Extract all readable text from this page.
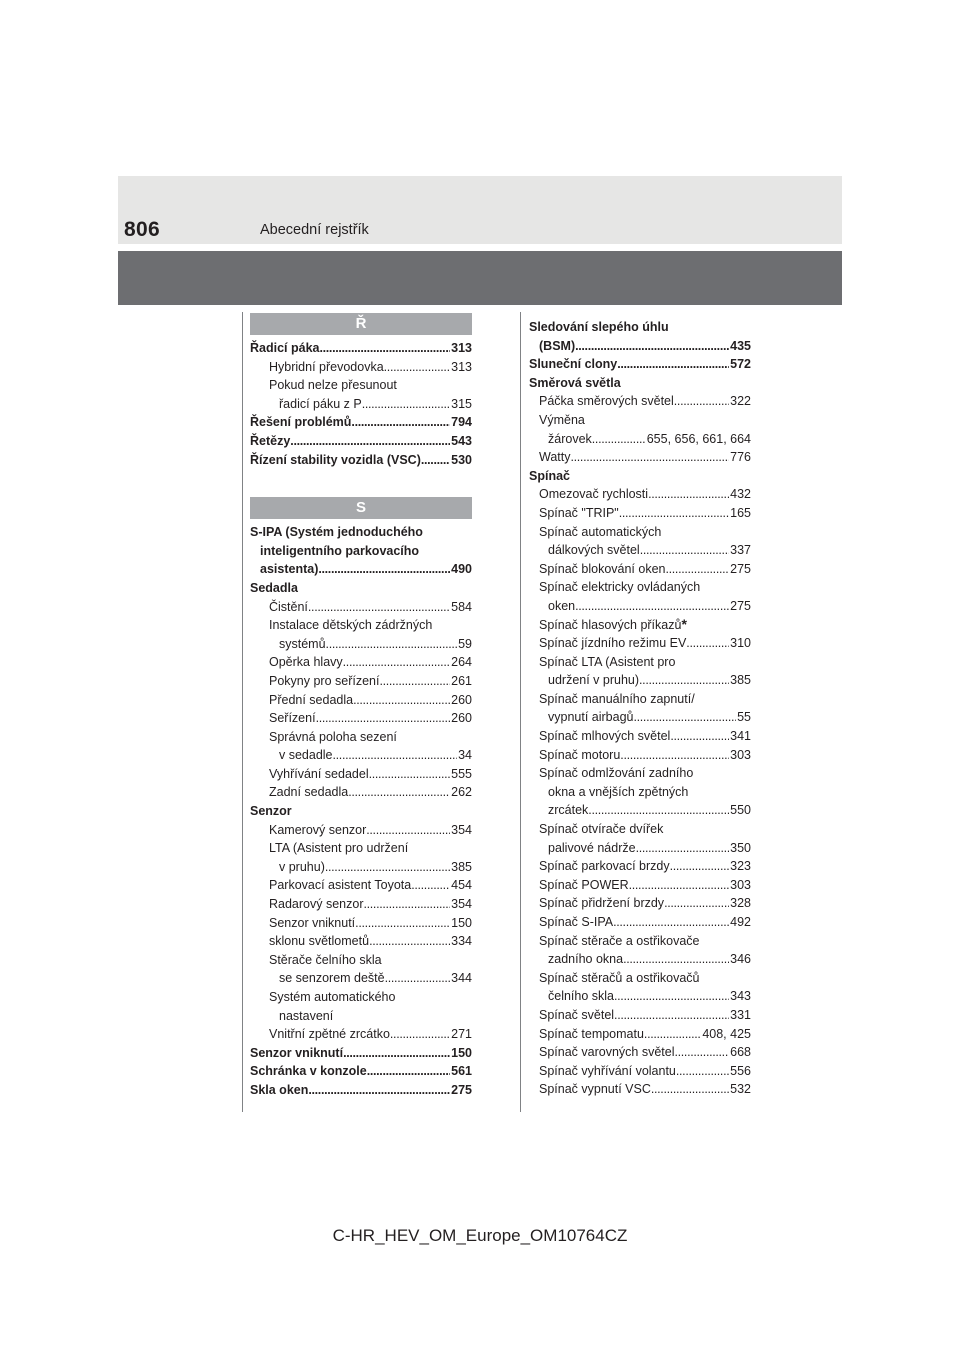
806	Abecední rejstřík
Ř
Řadicí páka . . .	313
Hybridní převodovka . . .	313
Pokud nelze přesunout
řadicí páku z P . . .	315
Řešení problémů . . .	794
Řetězy . . .	543
Řízení stability vozidla (VSC) . . . 530
S
S-IPA (Systém jednoduchého
inteligentního parkovacího
asistenta) . . .	490
Sedadla
Čistění . . .	584
Instalace dětských zádržných
systémů . . .	59
Opěrka hlavy . . .	264
Pokyny pro seřízení . . .	261
Přední sedadla . . .	260
Seřízení . . .	260
Správná poloha sezení
v sedadle . . .	34
Vyhřívání sedadel . . .	555
Zadní sedadla . . .	262
Senzor
Kamerový senzor . . .	354
LTA (Asistent pro udržení
v pruhu) . . .	385
Parkovací asistent Toyota . . .	454
Radarový senzor . . .	354
Senzor vniknutí . . .	150
sklonu světlometů . . .	334
Stěrače čelního skla
se senzorem deště . . .	344
Systém automatického
nastavení
Vnitřní zpětné zrcátko . . .	271
Senzor vniknutí . . .	150
Schránka v konzole . . .	561
Skla oken . . .	275
Sledování slepého úhlu
(BSM) . . .	435
Sluneční clony . . .	572
Směrová světla
Páčka směrových světel . . .	322
Výměna
žárovek . . .	655, 656, 661, 664
Watty . . .	776
Spínač
Omezovač rychlosti . . .	432
Spínač "TRIP" . . .	165
Spínač automatických
dálkových světel . . .	337
Spínač blokování oken . . .	275
Spínač elektricky ovládaných
oken . . .	275
Spínač hlasových příkazů *
Spínač jízdního režimu EV . . .	310
Spínač LTA (Asistent pro
udržení v pruhu) . . .	385
Spínač manuálního zapnutí/
vypnutí airbagů . . .	55
Spínač mlhových světel . . .	341
Spínač motoru . . .	303
Spínač odmlžování zadního
okna a vnějších zpětných
zrcátek . . .	550
Spínač otvírače dvířek
palivové nádrže . . .	350
Spínač parkovací brzdy . . .	323
Spínač POWER . . .	303
Spínač přidržení brzdy . . .	328
Spínač S-IPA . . .	492
Spínač stěrače a ostřikovače
zadního okna . . .	346
Spínač stěračů a ostřikovačů
čelního skla . . .	343
Spínač světel . . .	331
Spínač tempomatu . . .	408, 425
Spínač varovných světel . . .	668
Spínač vyhřívání volantu . . .	556
Spínač vypnutí VSC . . .	532
C-HR_HEV_OM_Europe_OM10764CZ
